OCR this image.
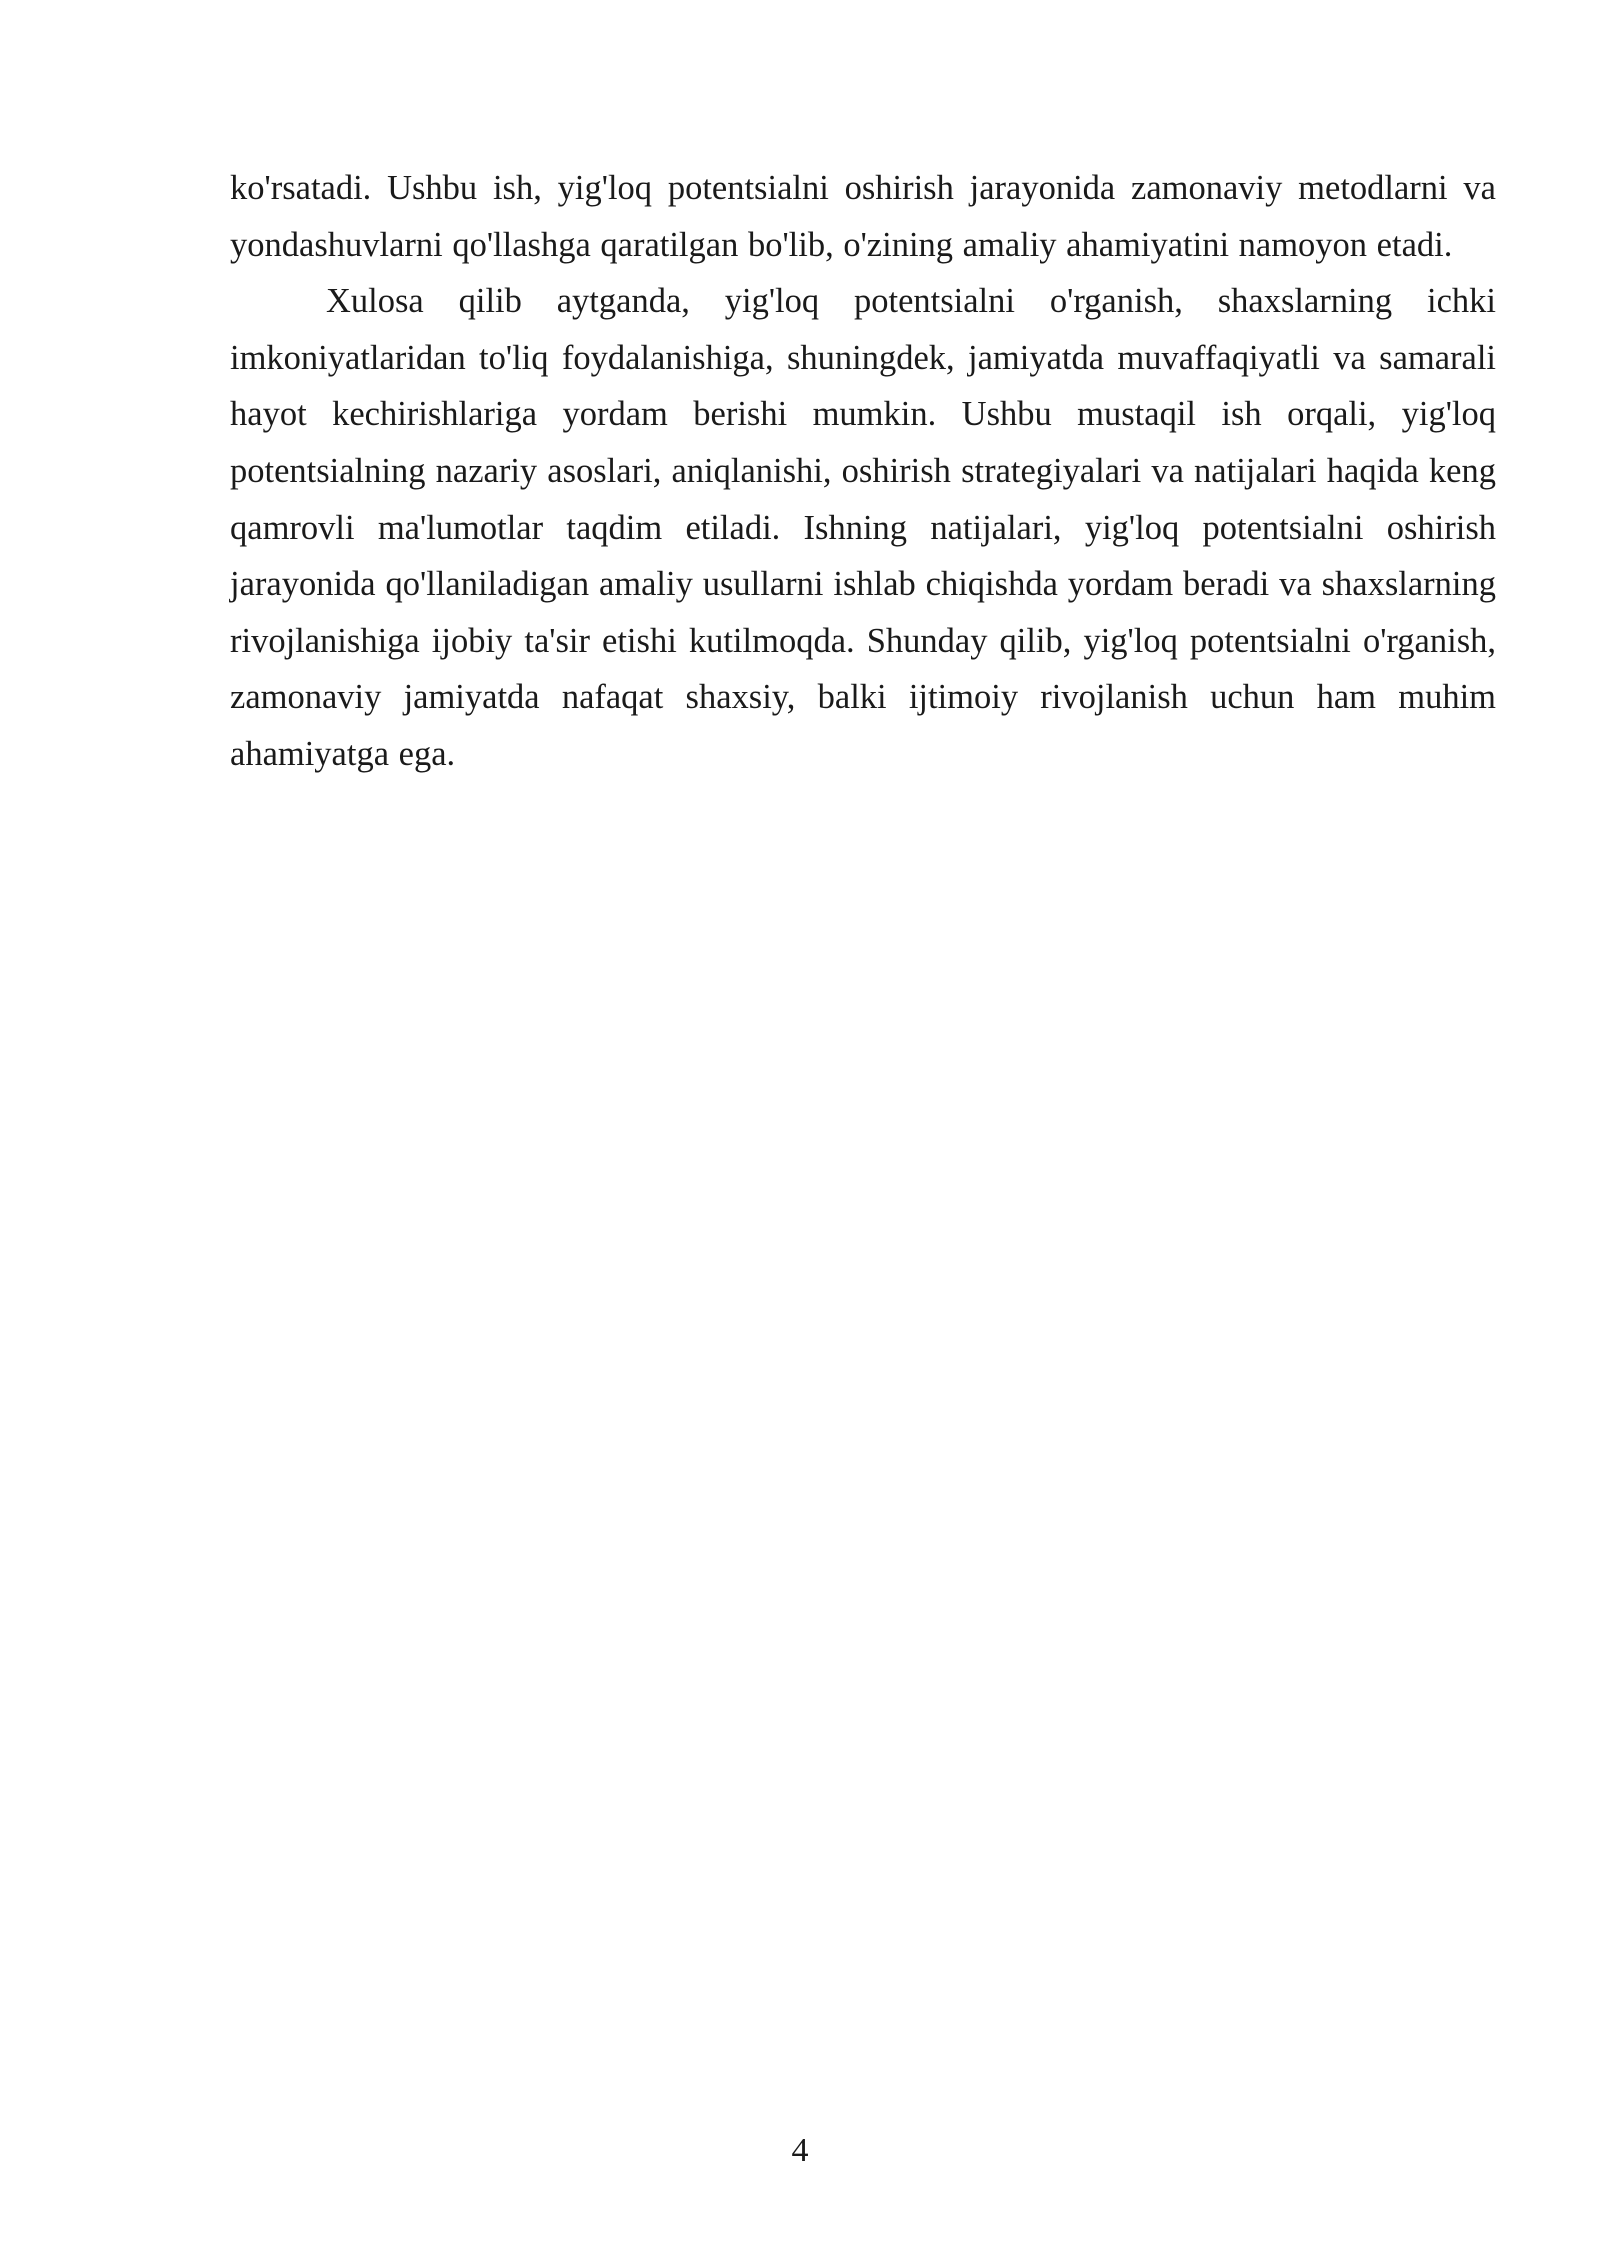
ko'rsatadi. Ushbu ish, yig'loq potentsialni oshirish jarayonida zamonaviy metodlarni va yondashuvlarni qo'llashga qaratilgan bo'lib, o'zining amaliy ahamiyatini namoyon etadi.

Xulosa qilib aytganda, yig'loq potentsialni o'rganish, shaxslarning ichki imkoniyatlaridan to'liq foydalanishiga, shuningdek, jamiyatda muvaffaqiyatli va samarali hayot kechirishlariga yordam berishi mumkin. Ushbu mustaqil ish orqali, yig'loq potentsialning nazariy asoslari, aniqlanishi, oshirish strategiyalari va natijalari haqida keng qamrovli ma'lumotlar taqdim etiladi. Ishning natijalari, yig'loq potentsialni oshirish jarayonida qo'llaniladigan amaliy usullarni ishlab chiqishda yordam beradi va shaxslarning rivojlanishiga ijobiy ta'sir etishi kutilmoqda. Shunday qilib, yig'loq potentsialni o'rganish, zamonaviy jamiyatda nafaqat shaxsiy, balki ijtimoiy rivojlanish uchun ham muhim ahamiyatga ega.

4
